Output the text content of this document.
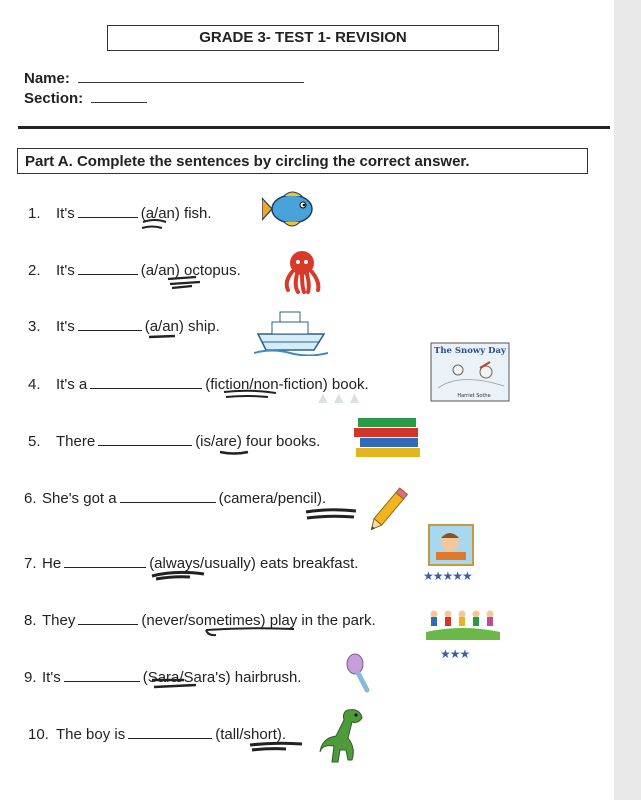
GRADE 3- TEST 1- REVISION
Name:
Section:
Part A. Complete the sentences by circling the correct answer.
1. It's	(a/an) fish.
2. It's	(a/an) octopus.
3. It's	(a/an) ship.
4. It's a	(fiction/non-fiction) book.
The Snowy Day
Harriet Sothe
▲▲▲
5. There	(is/are) four books.
6. She's got a	(camera/pencil).
7. He	(always/usually) eats breakfast.
★★★★★
8. They	(never/sometimes) play in the park.
★★★
9. It's	(Sara/Sara's) hairbrush.
10. The boy is	(tall/short).
